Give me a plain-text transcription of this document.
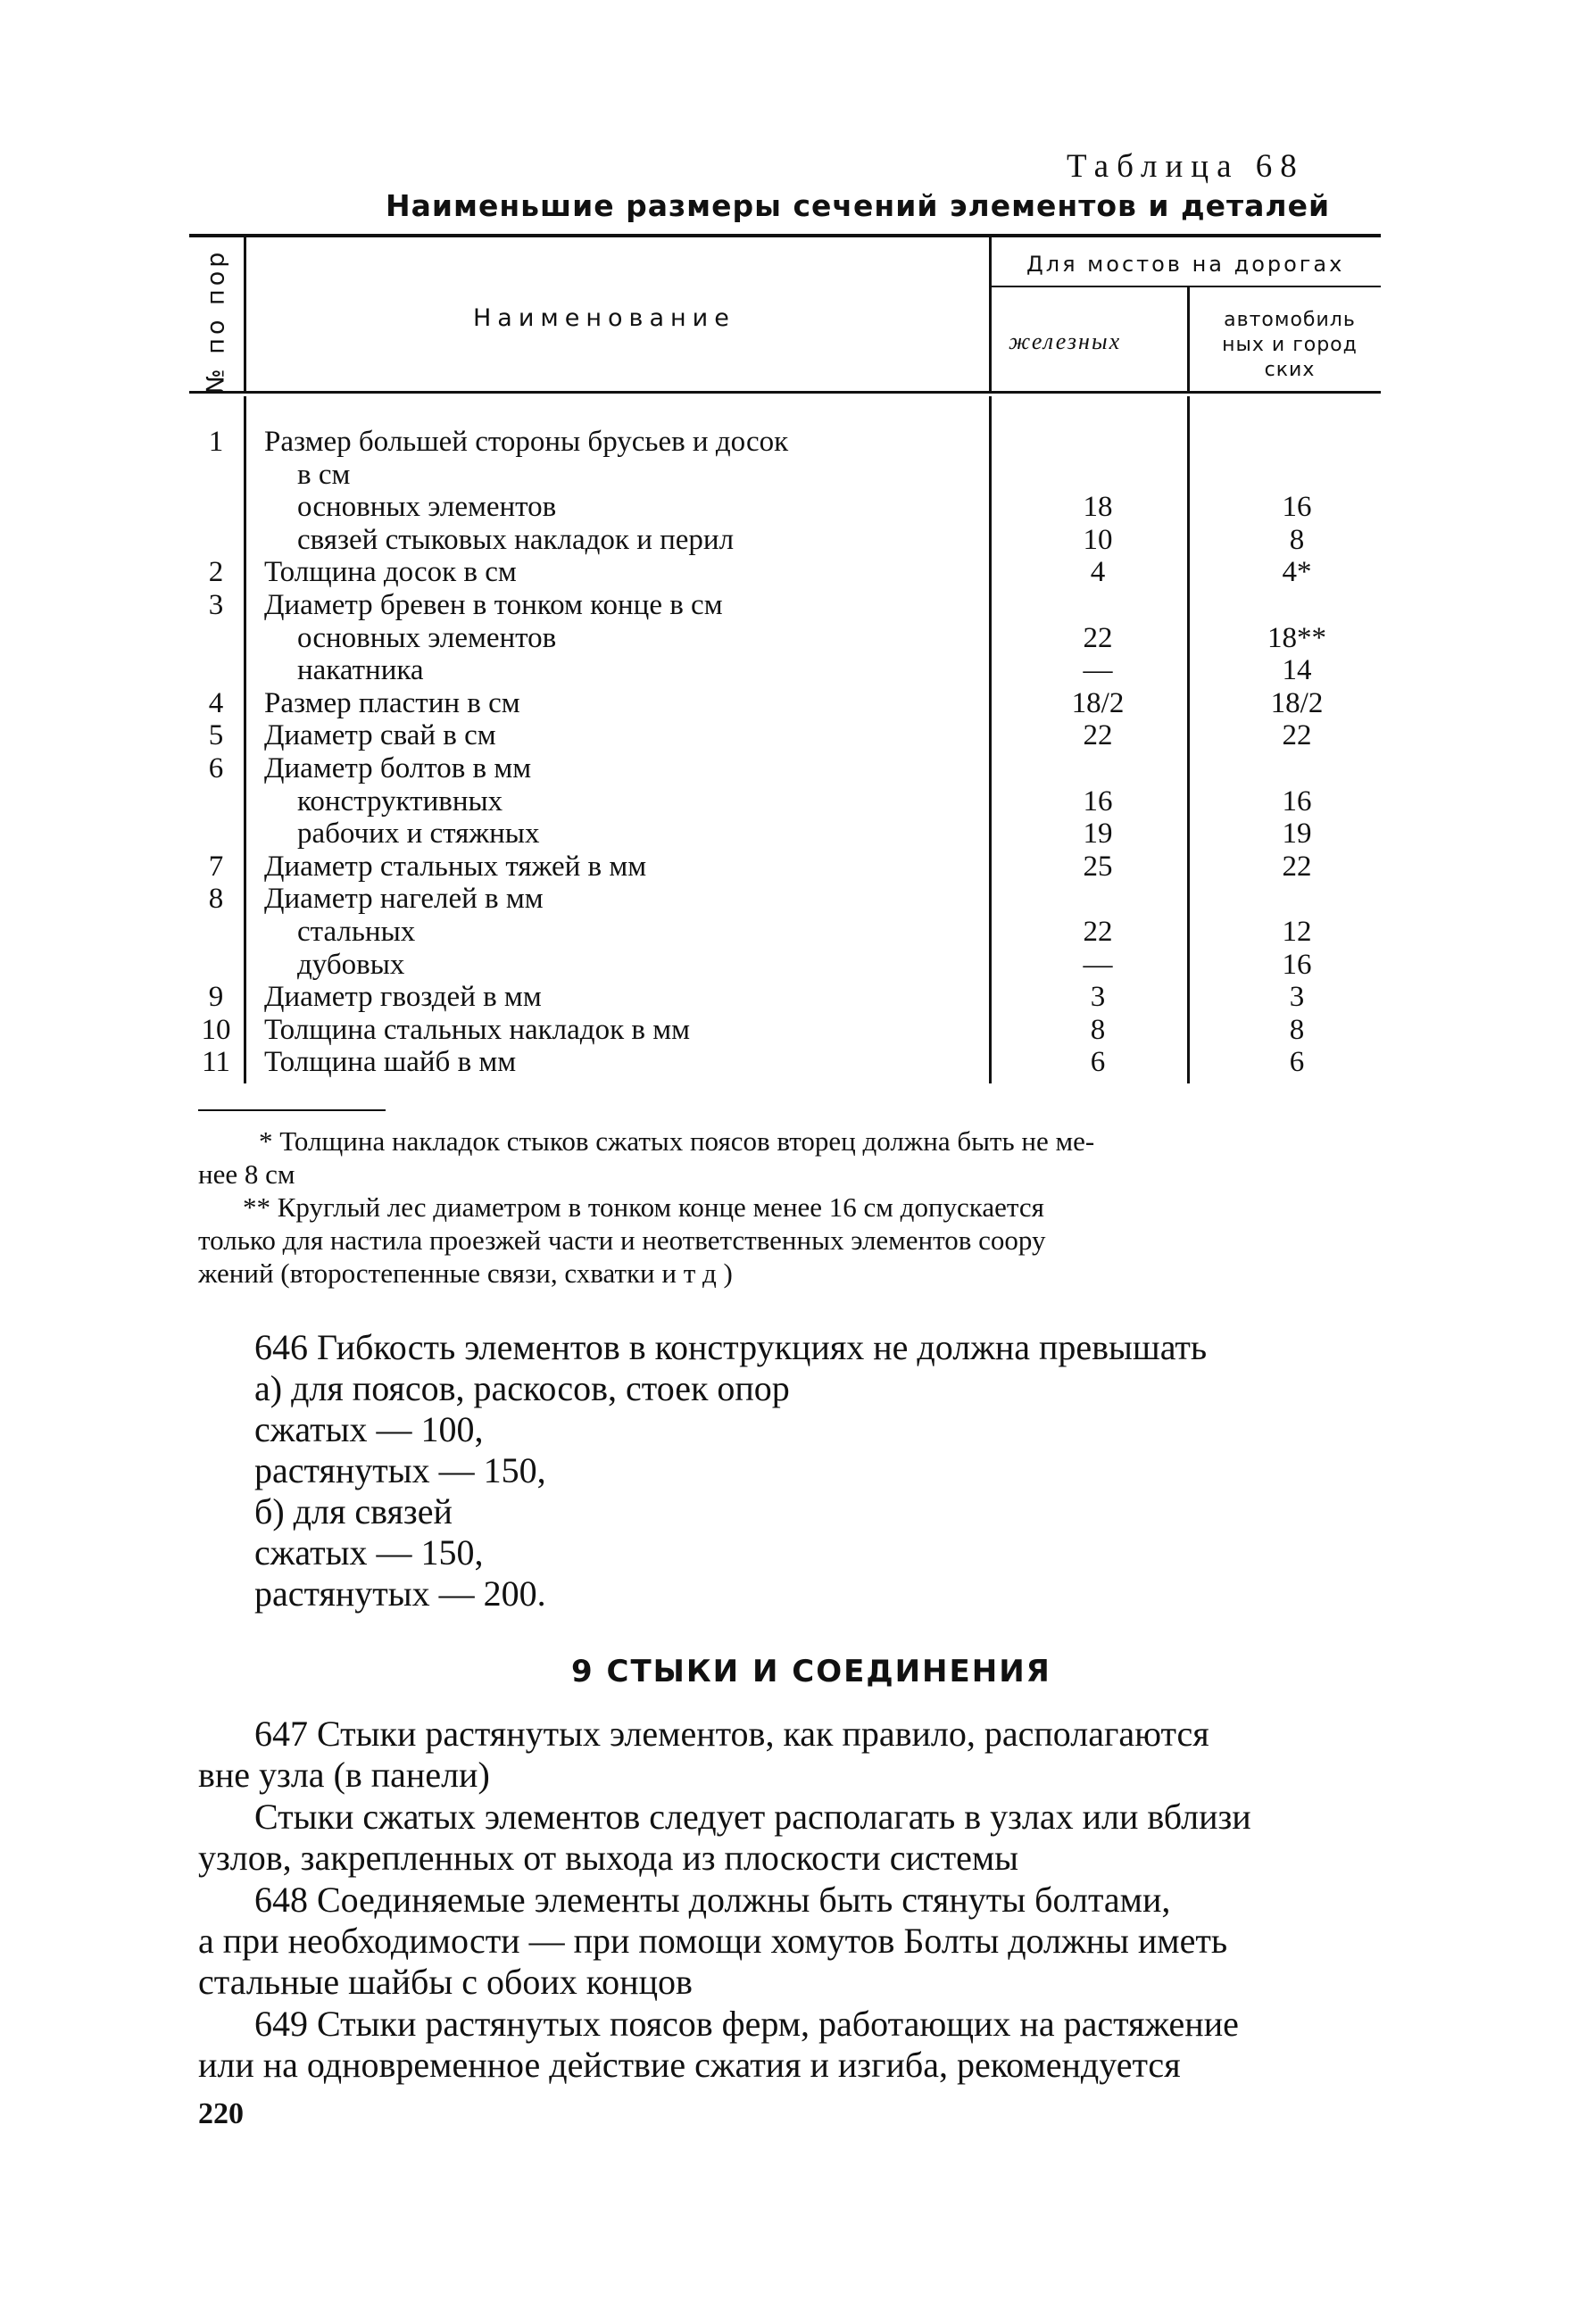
Таблица 68
Наименьшие размеры сечений элементов и деталей
№ по пор	Наименование
Для мостов на дорогах
железных
автомобиль
ных и город
ских
1	Размер большей стороны брусьев и досок
в см
основных элементов	18	16
связей стыковых накладок и перил	10	8
2	Толщина досок в см	4	4*
3	Диаметр бревен в тонком конце в см
основных элементов	22	18**
накатника	—	14
4	Размер пластин в см	18/2	18/2
5	Диаметр свай в см	22	22
6	Диаметр болтов в мм
конструктивных	16	16
рабочих и стяжных	19	19
7	Диаметр стальных тяжей в мм	25	22
8	Диаметр нагелей в мм
стальных	22	12
дубовых	—	16
9	Диаметр гвоздей в мм	3	3
10 Толщина стальных накладок в мм	8	8
11 Толщина шайб в мм	6	6
* Толщина накладок стыков сжатых поясов вторец должна быть не ме-
нее 8 см
** Круглый лес диаметром в тонком конце менее 16 см допускается
только для настила проезжей части и неответственных элементов соору
жений (второстепенные связи, схватки и т д )
646 Гибкость элементов в конструкциях не должна превышать
а) для поясов, раскосов, стоек опор
сжатых — 100,
растянутых — 150,
б) для связей
сжатых — 150,
растянутых — 200.
9 СТЫКИ И СОЕДИНЕНИЯ
647 Стыки растянутых элементов, как правило, располагаются
вне узла (в панели)
Стыки сжатых элементов следует располагать в узлах или вблизи
узлов, закрепленных от выхода из плоскости системы
648 Соединяемые элементы должны быть стянуты болтами,
а при необходимости — при помощи хомутов Болты должны иметь
стальные шайбы с обоих концов
649 Стыки растянутых поясов ферм, работающих на растяжение
или на одновременное действие сжатия и изгиба, рекомендуется
220
